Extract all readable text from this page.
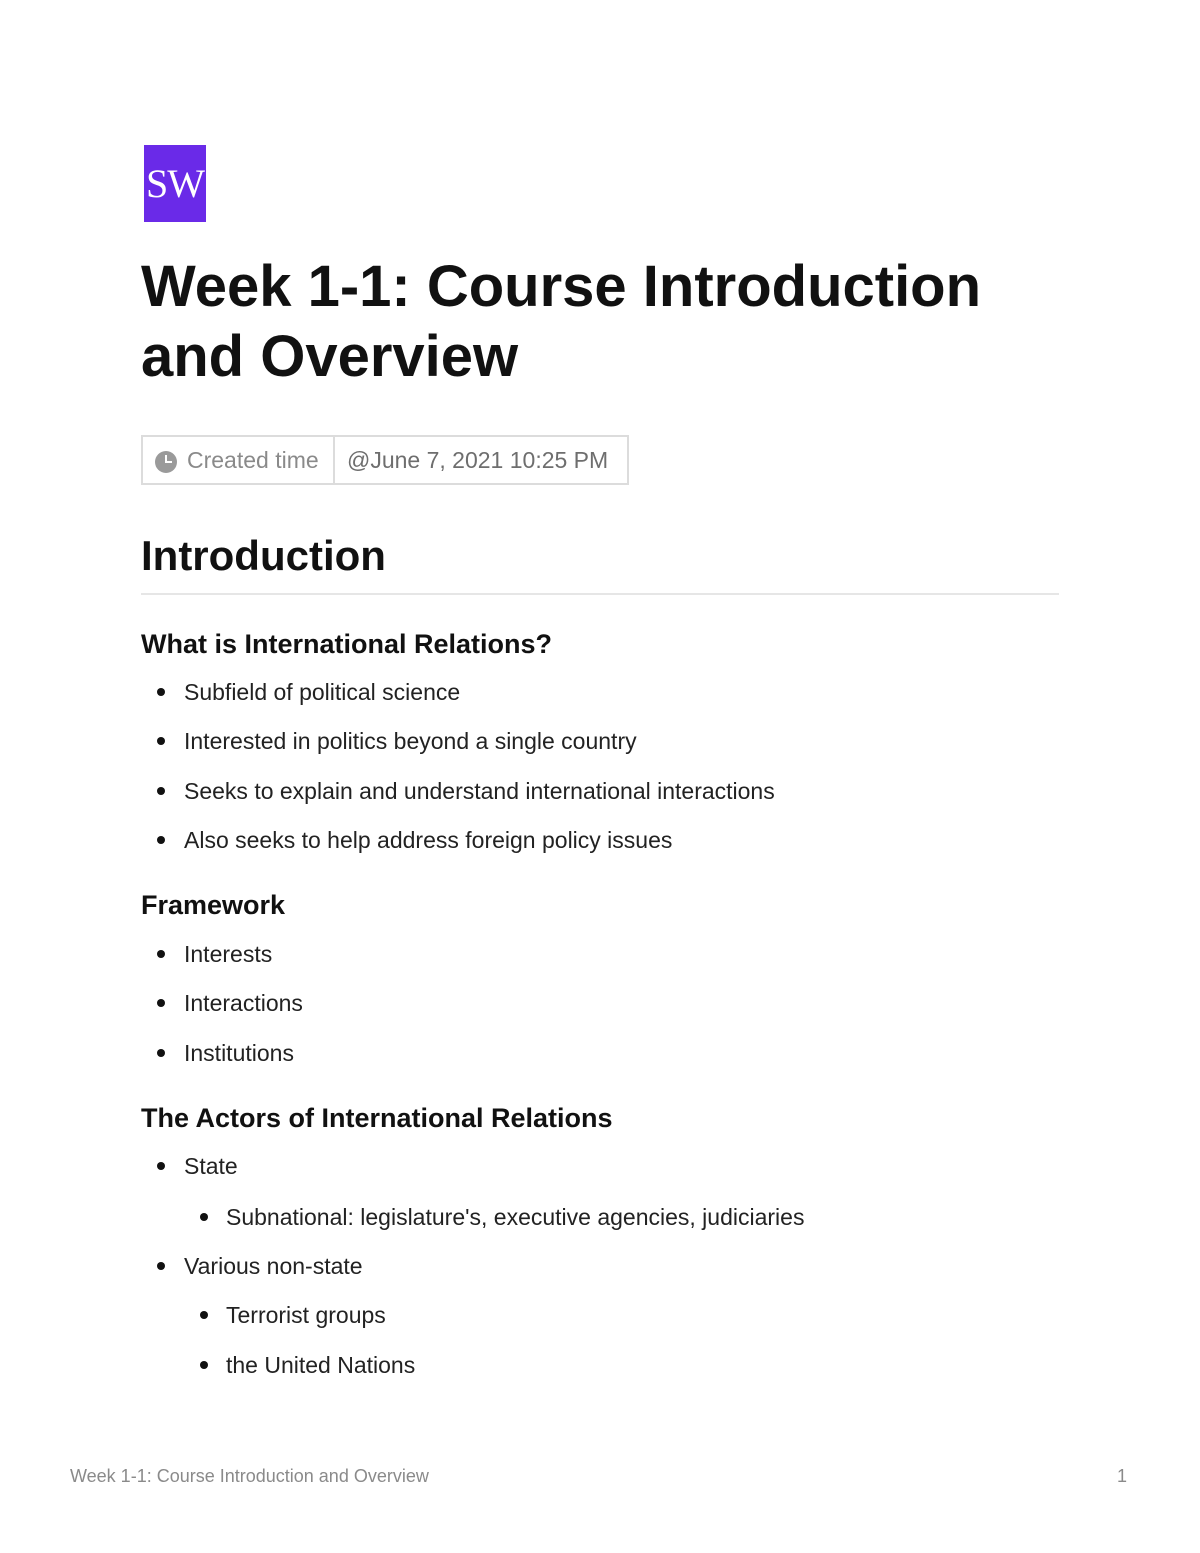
SW
Week 1-1: Course Introduction and Overview
Created time	@June 7, 2021 10:25 PM
Introduction
What is International Relations?
Subfield of political science
Interested in politics beyond a single country
Seeks to explain and understand international interactions
Also seeks to help address foreign policy issues
Framework
Interests
Interactions
Institutions
The Actors of International Relations
State
Subnational: legislature's, executive agencies, judiciaries
Various non-state
Terrorist groups
the United Nations
Week 1-1: Course Introduction and Overview	1
